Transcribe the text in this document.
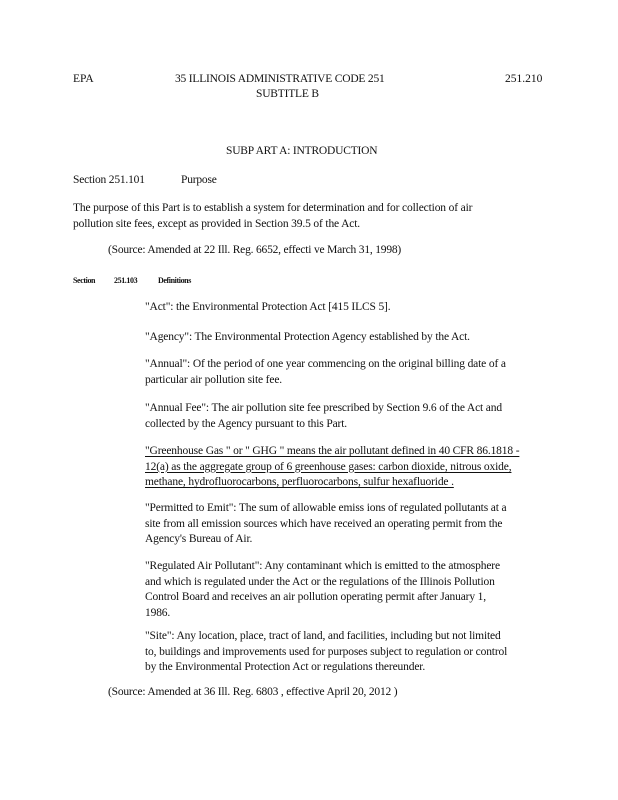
EPA	35 ILLINOIS ADMINISTRATIVE CODE 251
SUBTITLE B
251.210
SUBP ART A: INTRODUCTION
Section 251.101	Purpose
The purpose of this Part is to establish a system for determination and for collection of air
pollution site fees, except as provided in Section 39.5 of the Act.
(Source: Amended at 22 Ill. Reg. 6652, effecti ve March 31, 1998)
Section 251.103	Definitions
"Act": the Environmental Protection Act [415 ILCS 5].
"Agency": The Environmental Protection Agency established by the Act.
"Annual": Of the period of one year commencing on the original billing date of a
particular air pollution site fee.
"Annual Fee": The air pollution site fee prescribed by Section 9.6 of the Act and
collected by the Agency pursuant to this Part.
"Greenhouse Gas " or " GHG " means the air pollutant defined in 40 CFR 86.1818 -
12(a) as the aggregate group of 6 greenhouse gases: carbon dioxide, nitrous oxide,
methane, hydrofluorocarbons, perfluorocarbons, sulfur hexafluoride .
"Permitted to Emit": The sum of allowable emiss ions of regulated pollutants at a
site from all emission sources which have received an operating permit from the
Agency's Bureau of Air.
"Regulated Air Pollutant": Any contaminant which is emitted to the atmosphere
and which is regulated under the Act or the regulations of the Illinois Pollution
Control Board and receives an air pollution operating permit after January 1,
1986.
"Site": Any location, place, tract of land, and facilities, including but not limited
to, buildings and improvements used for purposes subject to regulation or control
by the Environmental Protection Act or regulations thereunder.
(Source: Amended at 36 Ill. Reg. 6803 , effective April 20, 2012 )
